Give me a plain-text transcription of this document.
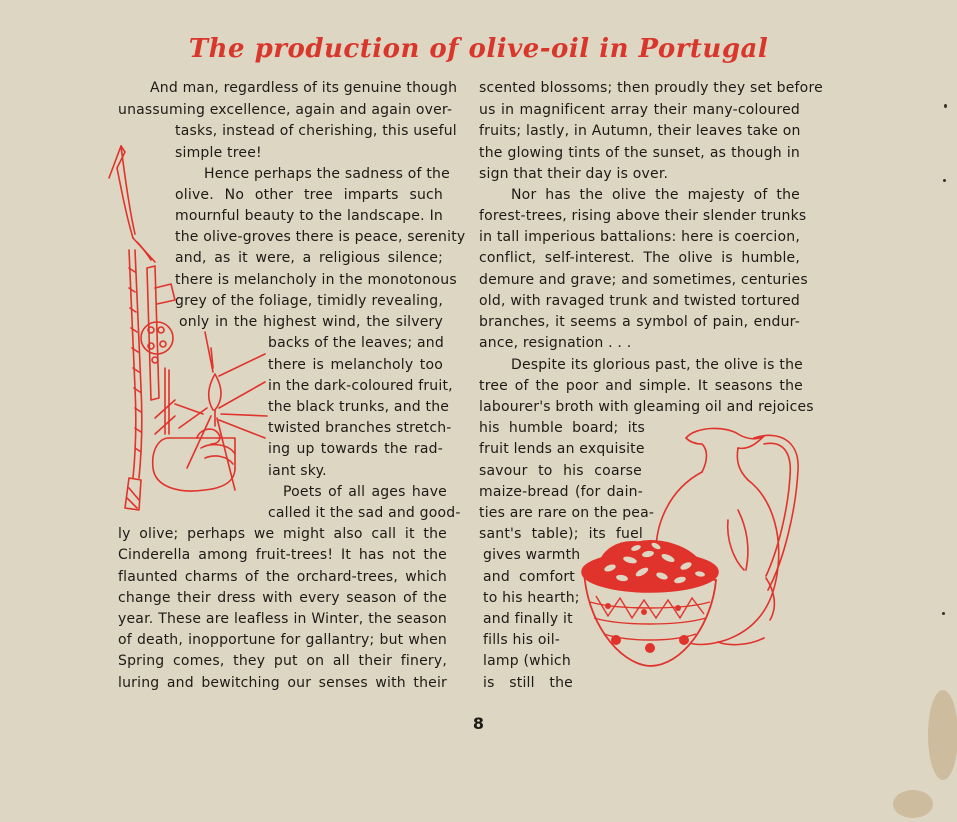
The production of olive-oil in Portugal
And man, regardless of its genuine though
unassuming excellence, again and again over-
tasks, instead of cherishing, this useful
simple tree!
Hence perhaps the sadness of the
olive. No other tree imparts such
mournful beauty to the landscape. In
the olive-groves there is peace, serenity
and, as it were, a religious silence;
there is melancholy in the monotonous
grey of the foliage, timidly revealing,
only in the highest wind, the silvery
backs of the leaves; and
there is melancholy too
in the dark-coloured fruit,
the black trunks, and the
twisted branches stretch-
ing up towards the rad-
iant sky.
Poets of all ages have
called it the sad and good-
ly olive; perhaps we might also call it the
Cinderella among fruit-trees! It has not the
flaunted charms of the orchard-trees, which
change their dress with every season of the
year. These are leafless in Winter, the season
of death, inopportune for gallantry; but when
Spring comes, they put on all their finery,
luring and bewitching our senses with their
scented blossoms; then proudly they set before
us in magnificent array their many-coloured
fruits; lastly, in Autumn, their leaves take on
the glowing tints of the sunset, as though in
sign that their day is over.
Nor has the olive the majesty of the
forest-trees, rising above their slender trunks
in tall imperious battalions: here is coercion,
conflict, self-interest. The olive is humble,
demure and grave; and sometimes, centuries
old, with ravaged trunk and twisted tortured
branches, it seems a symbol of pain, endur-
ance, resignation . . .
Despite its glorious past, the olive is the
tree of the poor and simple. It seasons the
labourer's broth with gleaming oil and rejoices
his humble board; its
fruit lends an exquisite
savour to his coarse
maize-bread (for dain-
ties are rare on the pea-
sant's table); its fuel
gives warmth
and comfort
to his hearth;
and finally it
fills his oil-
lamp (which
is still the
8
